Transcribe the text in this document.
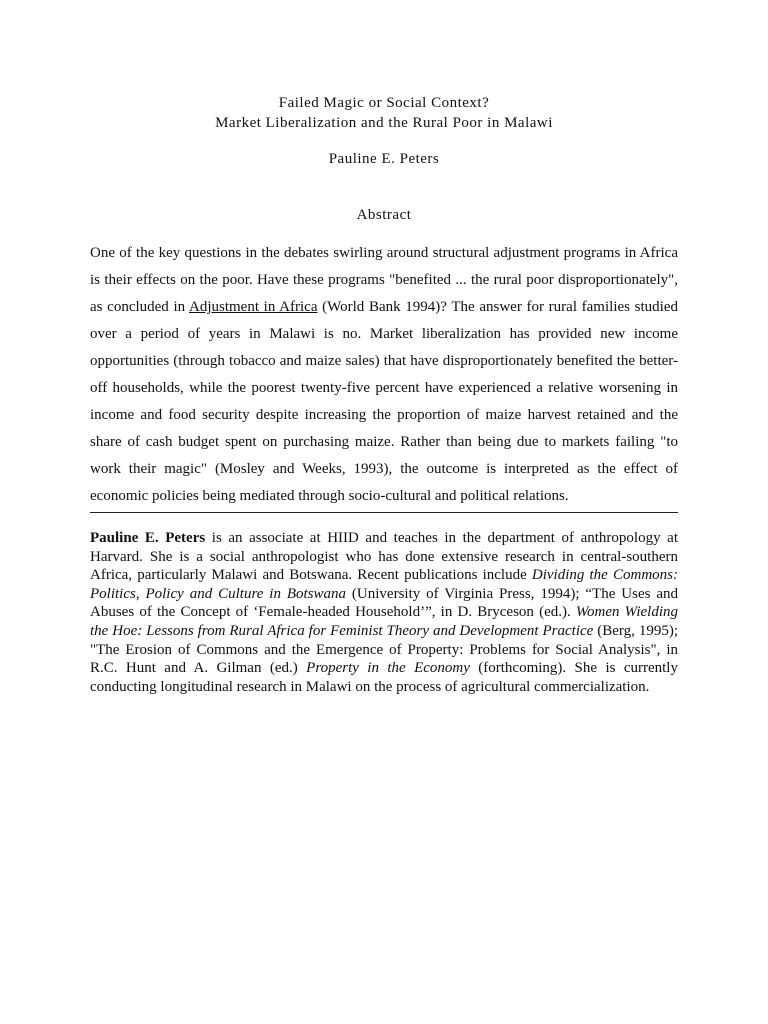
Failed Magic or Social Context?
Market Liberalization and the Rural Poor in Malawi
Pauline E. Peters
Abstract
One of the key questions in the debates swirling around structural adjustment programs in Africa is their effects on the poor. Have these programs "benefited ... the rural poor disproportionately", as concluded in Adjustment in Africa (World Bank 1994)? The answer for rural families studied over a period of years in Malawi is no. Market liberalization has provided new income opportunities (through tobacco and maize sales) that have disproportionately benefited the better-off households, while the poorest twenty-five percent have experienced a relative worsening in income and food security despite increasing the proportion of maize harvest retained and the share of cash budget spent on purchasing maize. Rather than being due to markets failing "to work their magic" (Mosley and Weeks, 1993), the outcome is interpreted as the effect of economic policies being mediated through socio-cultural and political relations.
Pauline E. Peters is an associate at HIID and teaches in the department of anthropology at Harvard. She is a social anthropologist who has done extensive research in central-southern Africa, particularly Malawi and Botswana. Recent publications include Dividing the Commons: Politics, Policy and Culture in Botswana (University of Virginia Press, 1994); “The Uses and Abuses of the Concept of ‘Female-headed Household’”, in D. Bryceson (ed.). Women Wielding the Hoe: Lessons from Rural Africa for Feminist Theory and Development Practice (Berg, 1995); "The Erosion of Commons and the Emergence of Property: Problems for Social Analysis", in R.C. Hunt and A. Gilman (ed.) Property in the Economy (forthcoming). She is currently conducting longitudinal research in Malawi on the process of agricultural commercialization.
